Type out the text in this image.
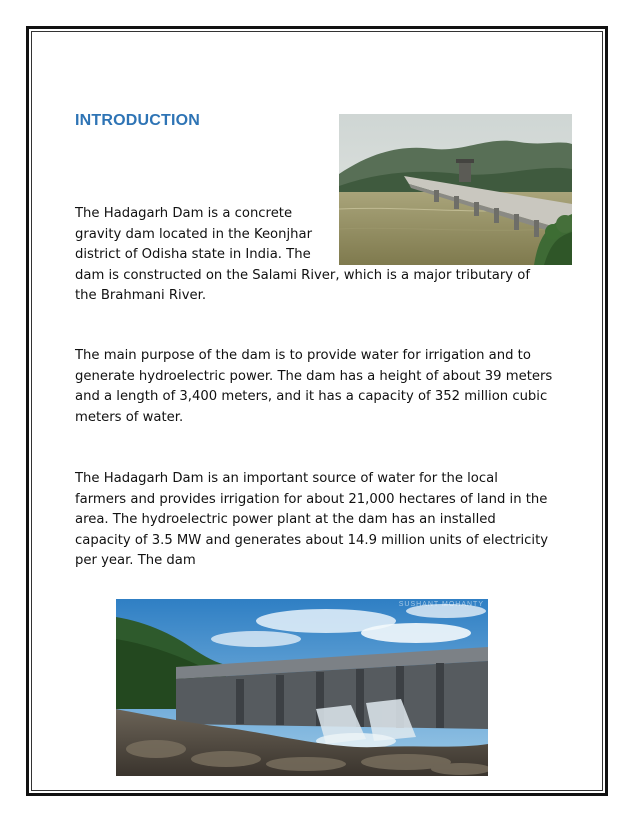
INTRODUCTION

The Hadagarh Dam is a concrete
gravity dam located in the Keonjhar
district of Odisha state in India. The
dam is constructed on the Salami River, which is a major tributary of
the Brahmani River.

The main purpose of the dam is to provide water for irrigation and to
generate hydroelectric power. The dam has a height of about 39 meters
and a length of 3,400 meters, and it has a capacity of 352 million cubic
meters of water.

The Hadagarh Dam is an important source of water for the local
farmers and provides irrigation for about 21,000 hectares of land in the
area. The hydroelectric power plant at the dam has an installed
capacity of 3.5 MW and generates about 14.9 million units of electricity
per year. The dam

SUSHANT MOHANTY
